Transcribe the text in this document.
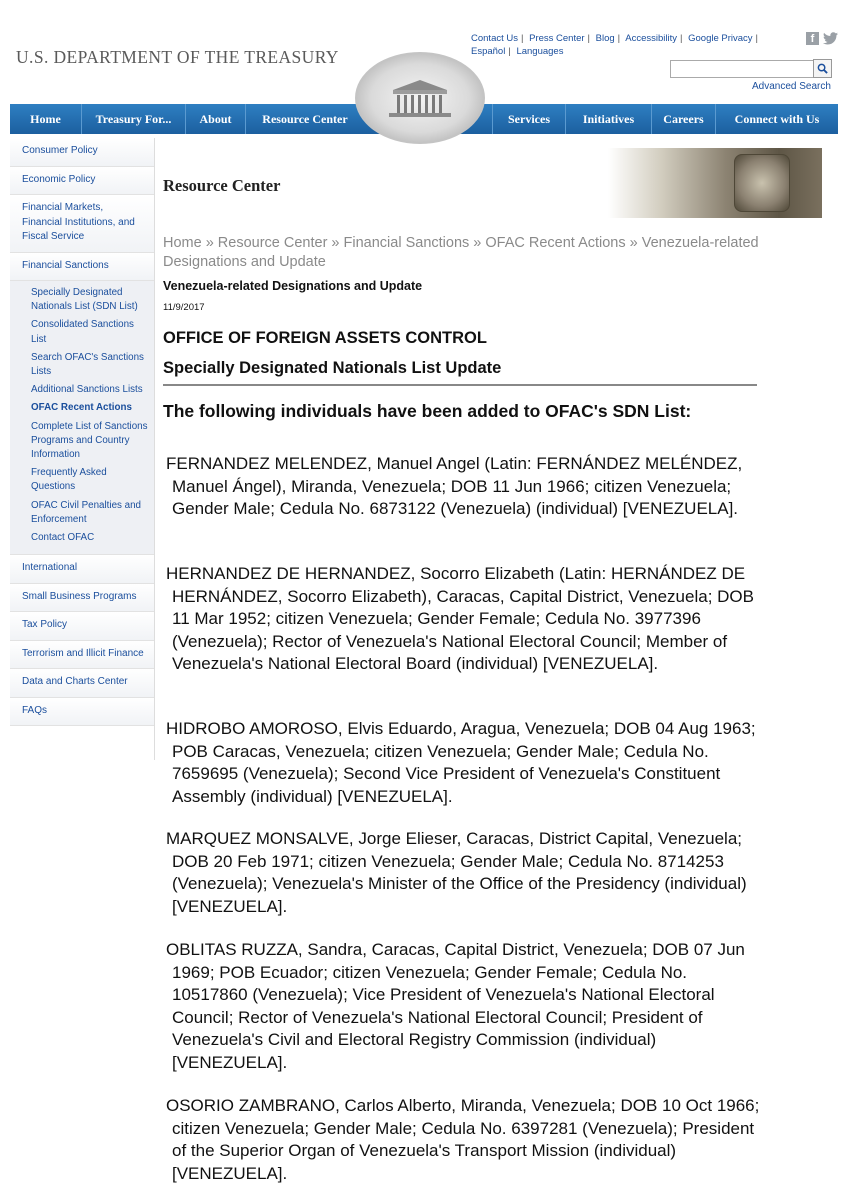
U.S. DEPARTMENT OF THE TREASURY
Contact Us | Press Center | Blog | Accessibility | Google Privacy |
Español | Languages
f
Advanced Search
Home	Treasury For...	About	Resource Center	Services	Initiatives	Careers	Connect with Us
Consumer Policy
Economic Policy
Financial Markets, Financial Institutions, and Fiscal Service
Financial Sanctions
Specially Designated Nationals List (SDN List)
Consolidated Sanctions List
Search OFAC's Sanctions Lists
Additional Sanctions Lists
OFAC Recent Actions
Complete List of Sanctions Programs and Country Information
Frequently Asked Questions
OFAC Civil Penalties and Enforcement
Contact OFAC
International
Small Business Programs
Tax Policy
Terrorism and Illicit Finance
Data and Charts Center
FAQs
Resource Center
Home » Resource Center » Financial Sanctions » OFAC Recent Actions » Venezuela-related Designations and Update
Venezuela-related Designations and Update
11/9/2017
OFFICE OF FOREIGN ASSETS CONTROL
Specially Designated Nationals List Update
The following individuals have been added to OFAC's SDN List:

FERNANDEZ MELENDEZ, Manuel Angel (Latin: FERNÁNDEZ MELÉNDEZ, Manuel Ángel), Miranda, Venezuela; DOB 11 Jun 1966; citizen Venezuela; Gender Male; Cedula No. 6873122 (Venezuela) (individual) [VENEZUELA].

HERNANDEZ DE HERNANDEZ, Socorro Elizabeth (Latin: HERNÁNDEZ DE HERNÁNDEZ, Socorro Elizabeth), Caracas, Capital District, Venezuela; DOB 11 Mar 1952; citizen Venezuela; Gender Female; Cedula No. 3977396 (Venezuela); Rector of Venezuela's National Electoral Council; Member of Venezuela's National Electoral Board (individual) [VENEZUELA].

HIDROBO AMOROSO, Elvis Eduardo, Aragua, Venezuela; DOB 04 Aug 1963; POB Caracas, Venezuela; citizen Venezuela; Gender Male; Cedula No. 7659695 (Venezuela); Second Vice President of Venezuela's Constituent Assembly (individual) [VENEZUELA].

MARQUEZ MONSALVE, Jorge Elieser, Caracas, District Capital, Venezuela; DOB 20 Feb 1971; citizen Venezuela; Gender Male; Cedula No. 8714253 (Venezuela); Venezuela's Minister of the Office of the Presidency (individual) [VENEZUELA].

OBLITAS RUZZA, Sandra, Caracas, Capital District, Venezuela; DOB 07 Jun 1969; POB Ecuador; citizen Venezuela; Gender Female; Cedula No. 10517860 (Venezuela); Vice President of Venezuela's National Electoral Council; Rector of Venezuela's National Electoral Council; President of Venezuela's Civil and Electoral Registry Commission (individual) [VENEZUELA].

OSORIO ZAMBRANO, Carlos Alberto, Miranda, Venezuela; DOB 10 Oct 1966; citizen Venezuela; Gender Male; Cedula No. 6397281 (Venezuela); President of the Superior Organ of Venezuela's Transport Mission (individual) [VENEZUELA].
